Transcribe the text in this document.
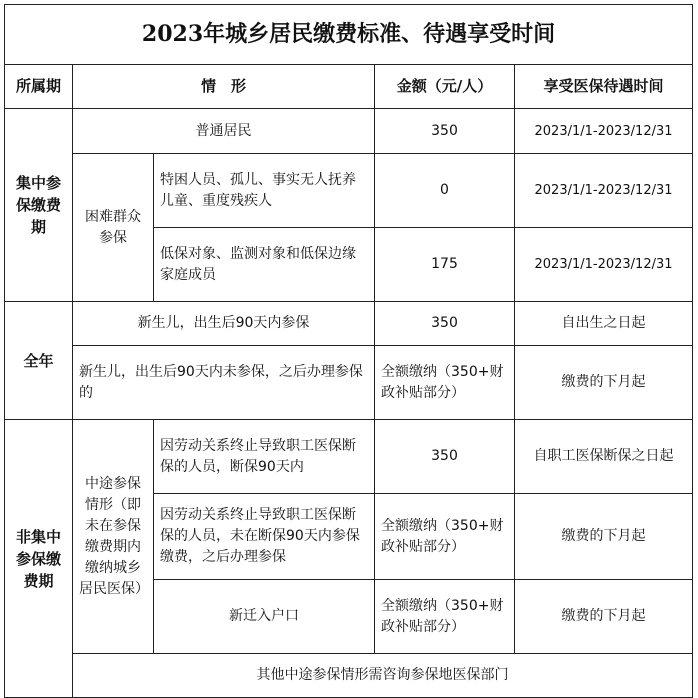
2023年城乡居民缴费标准、待遇享受时间				
所属期	情　形		金额（元/人）	享受医保待遇时间
集中参保缴费期	普通居民		350	2023/1/1-2023/12/31
	困难群众参保	特困人员、孤儿、事实无人抚养儿童、重度残疾人	0	2023/1/1-2023/12/31
		低保对象、监测对象和低保边缘家庭成员	175	2023/1/1-2023/12/31
全年	新生儿，出生后90天内参保		350	自出生之日起
	新生儿，出生后90天内未参保，之后办理参保的		全额缴纳（350+财政补贴部分）	缴费的下月起
非集中参保缴费期	中途参保情形（即未在参保缴费期内缴纳城乡居民医保）	因劳动关系终止导致职工医保断保的人员，断保90天内	350	自职工医保断保之日起
		因劳动关系终止导致职工医保断保的人员，未在断保90天内参保缴费，之后办理参保	全额缴纳（350+财政补贴部分）	缴费的下月起
		新迁入户口	全额缴纳（350+财政补贴部分）	缴费的下月起
	其他中途参保情形需咨询参保地医保部门			
